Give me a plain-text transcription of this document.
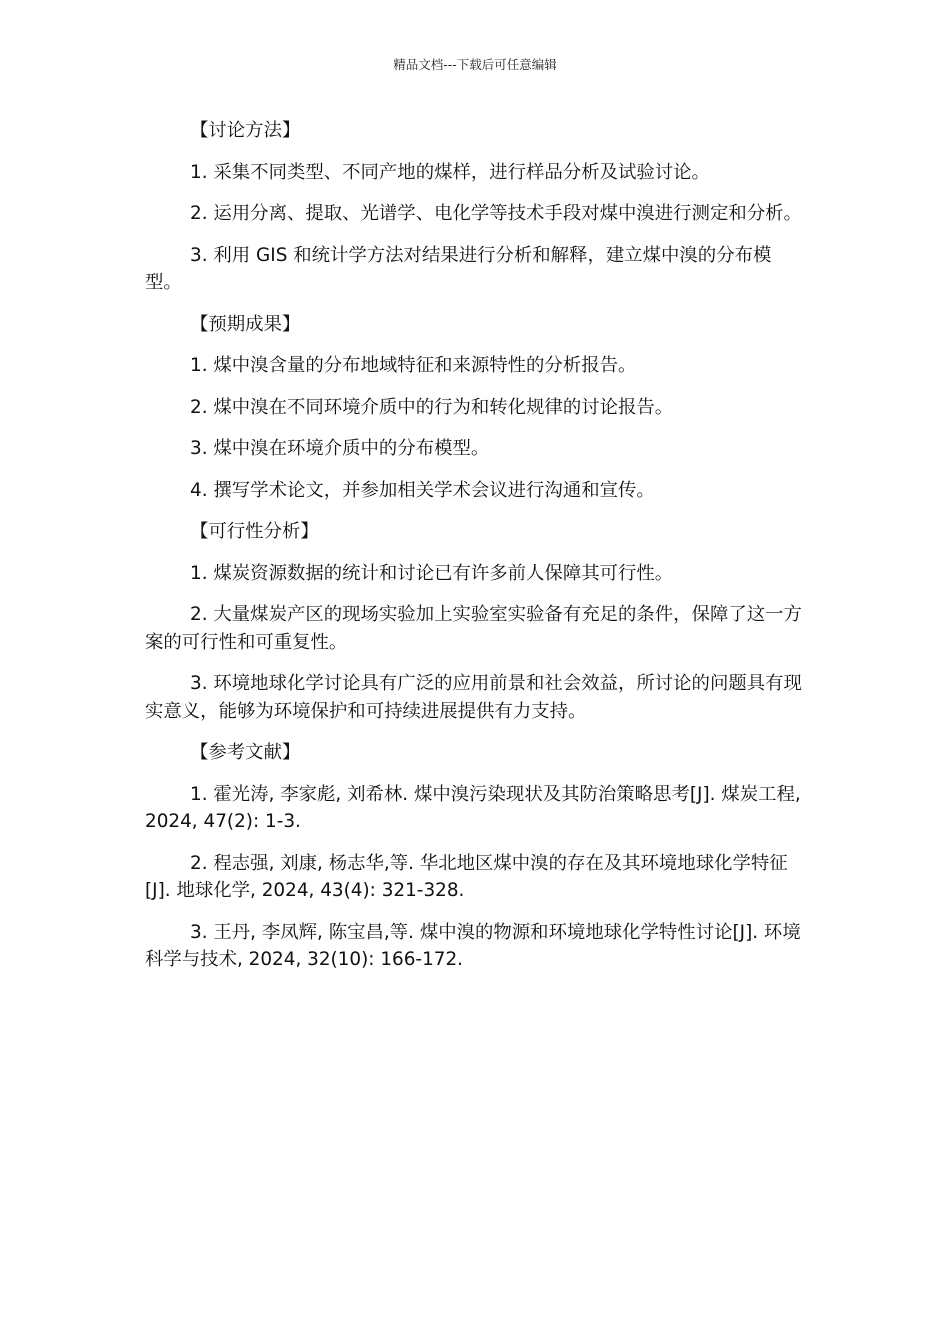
精品文档---下载后可任意编辑

【讨论方法】

1. 采集不同类型、不同产地的煤样，进行样品分析及试验讨论。

2. 运用分离、提取、光谱学、电化学等技术手段对煤中溴进行测定和分析。

3. 利用 GIS 和统计学方法对结果进行分析和解释，建立煤中溴的分布模型。

【预期成果】

1. 煤中溴含量的分布地域特征和来源特性的分析报告。

2. 煤中溴在不同环境介质中的行为和转化规律的讨论报告。

3. 煤中溴在环境介质中的分布模型。

4. 撰写学术论文，并参加相关学术会议进行沟通和宣传。

【可行性分析】

1. 煤炭资源数据的统计和讨论已有许多前人保障其可行性。

2. 大量煤炭产区的现场实验加上实验室实验备有充足的条件，保障了这一方案的可行性和可重复性。

3. 环境地球化学讨论具有广泛的应用前景和社会效益，所讨论的问题具有现实意义，能够为环境保护和可持续进展提供有力支持。

【参考文献】

1. 霍光涛, 李家彪, 刘希林. 煤中溴污染现状及其防治策略思考[J]. 煤炭工程, 2024, 47(2): 1-3.

2. 程志强, 刘康, 杨志华,等. 华北地区煤中溴的存在及其环境地球化学特征[J]. 地球化学, 2024, 43(4): 321-328.

3. 王丹, 李凤辉, 陈宝昌,等. 煤中溴的物源和环境地球化学特性讨论[J]. 环境科学与技术, 2024, 32(10): 166-172.
